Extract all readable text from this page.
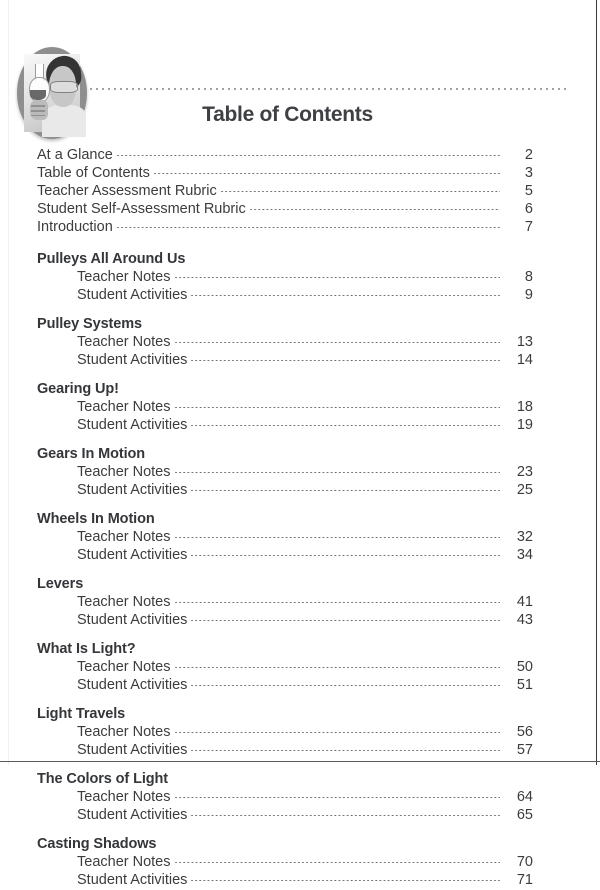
Table of Contents
At a Glance	2
Table of Contents	3
Teacher Assessment Rubric	5
Student Self-Assessment Rubric	6
Introduction	7
Pulleys All Around Us
Teacher Notes	8
Student Activities	9
Pulley Systems
Teacher Notes	13
Student Activities	14
Gearing Up!
Teacher Notes	18
Student Activities	19
Gears In Motion
Teacher Notes	23
Student Activities	25
Wheels In Motion
Teacher Notes	32
Student Activities	34
Levers
Teacher Notes	41
Student Activities	43
What Is Light?
Teacher Notes	50
Student Activities	51
Light Travels
Teacher Notes	56
Student Activities	57
The Colors of Light
Teacher Notes	64
Student Activities	65
Casting Shadows
Teacher Notes	70
Student Activities	71
